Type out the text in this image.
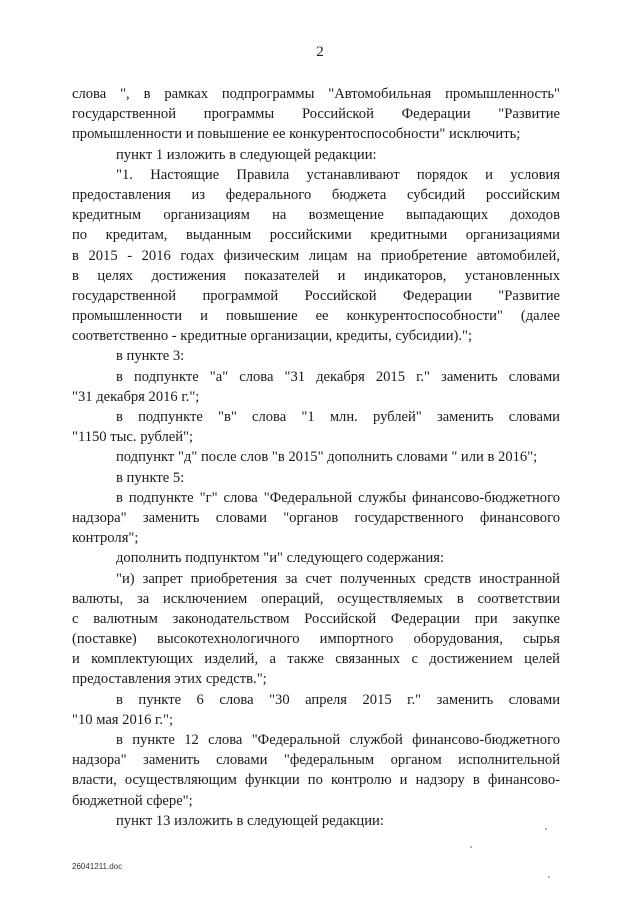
2
слова ", в рамках подпрограммы "Автомобильная промышленность"
государственной программы Российской Федерации "Развитие
промышленности и повышение ее конкурентоспособности" исключить;
пункт 1 изложить в следующей редакции:
"1. Настоящие Правила устанавливают порядок и условия
предоставления из федерального бюджета субсидий российским
кредитным организациям на возмещение выпадающих доходов
по кредитам, выданным российскими кредитными организациями
в 2015 - 2016 годах физическим лицам на приобретение автомобилей,
в целях достижения показателей и индикаторов, установленных
государственной программой Российской Федерации "Развитие
промышленности и повышение ее конкурентоспособности" (далее
соответственно - кредитные организации, кредиты, субсидии).";
в пункте 3:
в подпункте "а" слова "31 декабря 2015 г." заменить словами
"31 декабря 2016 г.";
в подпункте "в" слова "1 млн. рублей" заменить словами
"1150 тыс. рублей";
подпункт "д" после слов "в 2015" дополнить словами " или в 2016";
в пункте 5:
в подпункте "г" слова "Федеральной службы финансово-бюджетного
надзора" заменить словами "органов государственного финансового
контроля";
дополнить подпунктом "и" следующего содержания:
"и) запрет приобретения за счет полученных средств иностранной
валюты, за исключением операций, осуществляемых в соответствии
с валютным законодательством Российской Федерации при закупке
(поставке) высокотехнологичного импортного оборудования, сырья
и комплектующих изделий, а также связанных с достижением целей
предоставления этих средств.";
в пункте 6 слова "30 апреля 2015 г." заменить словами
"10 мая 2016 г.";
в пункте 12 слова "Федеральной службой финансово-бюджетного
надзора" заменить словами "федеральным органом исполнительной
власти, осуществляющим функции по контролю и надзору в финансово-
бюджетной сфере";
пункт 13 изложить в следующей редакции:
26041211.doc
